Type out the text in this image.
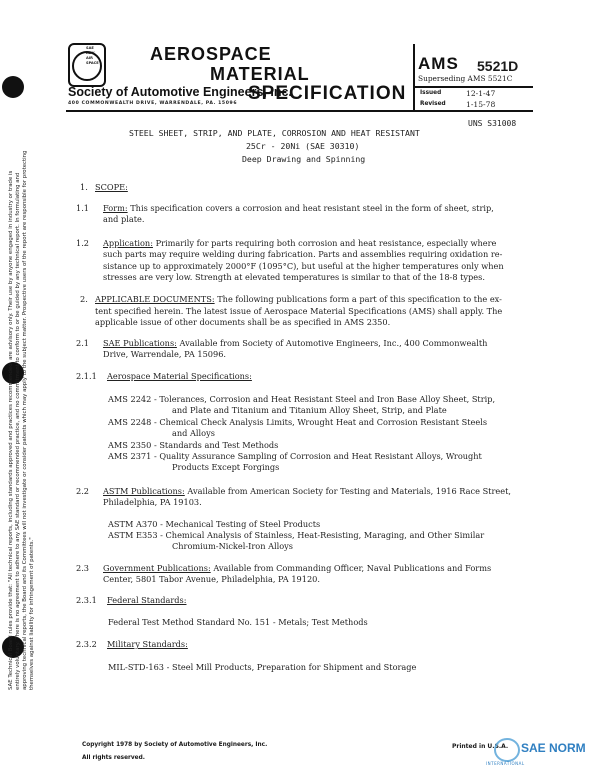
SAE Technical Board rules provide that: "All technical reports, including standards approved and practices recommended, are advisory only. Their use by anyone engaged in industry or trade is entirely voluntary. There is no agreement to adhere to any SAE standard or recommended practice, and no commitment to conform to or be guided by any technical report. In formulating and approving technical reports, the Board and its Committees will not investigate or consider patents which may apply to the subject matter. Prospective users of the report are responsible for protecting themselves against liability for infringement of patents."
SAE
ADV
AIR
SPACE	AEROSPACE
MATERIAL
SPECIFICATION
Society of Automotive Engineers, Inc.
400 COMMONWEALTH DRIVE, WARRENDALE, PA. 15096
AMS 5521D
Superseding AMS 5521C
Issued	12-1-47
Revised	1-15-78
UNS S31008
STEEL SHEET, STRIP, AND PLATE, CORROSION AND HEAT RESISTANT
25Cr - 20Ni (SAE 30310)
Deep Drawing and Spinning
1. SCOPE:
1.1 Form: This specification covers a corrosion and heat resistant steel in the form of sheet, strip,
and plate.
1.2 Application: Primarily for parts requiring both corrosion and heat resistance, especially where
such parts may require welding during fabrication. Parts and assemblies requiring oxidation re-
sistance up to approximately 2000°F (1095°C), but useful at the higher temperatures only when
stresses are very low. Strength at elevated temperatures is similar to that of the 18-8 types.
2. APPLICABLE DOCUMENTS: The following publications form a part of this specification to the ex-
tent specified herein. The latest issue of Aerospace Material Specifications (AMS) shall apply. The
applicable issue of other documents shall be as specified in AMS 2350.
2.1 SAE Publications: Available from Society of Automotive Engineers, Inc., 400 Commonwealth
Drive, Warrendale, PA 15096.
2.1.1 Aerospace Material Specifications:
AMS 2242 - Tolerances, Corrosion and Heat Resistant Steel and Iron Base Alloy Sheet, Strip,
and Plate and Titanium and Titanium Alloy Sheet, Strip, and Plate
AMS 2248 - Chemical Check Analysis Limits, Wrought Heat and Corrosion Resistant Steels
and Alloys
AMS 2350 - Standards and Test Methods
AMS 2371 - Quality Assurance Sampling of Corrosion and Heat Resistant Alloys, Wrought
Products Except Forgings
2.2 ASTM Publications: Available from American Society for Testing and Materials, 1916 Race Street,
Philadelphia, PA 19103.
ASTM A370 - Mechanical Testing of Steel Products
ASTM E353 - Chemical Analysis of Stainless, Heat-Resisting, Maraging, and Other Similar
Chromium-Nickel-Iron Alloys
2.3 Government Publications: Available from Commanding Officer, Naval Publications and Forms
Center, 5801 Tabor Avenue, Philadelphia, PA 19120.
2.3.1 Federal Standards:
Federal Test Method Standard No. 151 - Metals; Test Methods
2.3.2 Military Standards:
MIL-STD-163 - Steel Mill Products, Preparation for Shipment and Storage
Copyright 1978 by Society of Automotive Engineers, Inc.
All rights reserved.
Printed in U.S.A. SAE NORM
INTERNATIONAL
